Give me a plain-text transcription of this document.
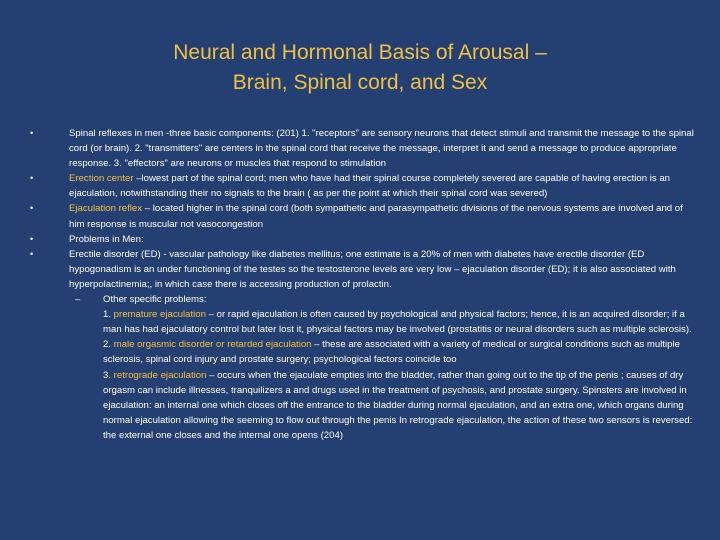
Neural and Hormonal Basis of Arousal –
Brain, Spinal cord, and Sex
•	Spinal reflexes in men -three basic components: (201) 1. "receptors" are sensory neurons that detect stimuli and transmit the message to the spinal cord (or brain). 2. "transmitters" are centers in the spinal cord that receive the message, interpret it and send a message to produce appropriate response. 3. "effectors" are neurons or muscles that respond to stimulation
•	Erection center –lowest part of the spinal cord; men who have had their spinal course completely severed are capable of having erection is an ejaculation, notwithstanding their no signals to the brain ( as per the point at which their spinal cord was severed)
•	Ejaculation reflex – located higher in the spinal cord (both sympathetic and parasympathetic divisions of the nervous systems are involved and of him response is muscular not vasocongestion
•	Problems in Men:
•	Erectile disorder (ED) - vascular pathology like diabetes mellitus; one estimate is a 20% of men with diabetes have erectile disorder (ED hypogonadism is an under functioning of the testes so the testosterone levels are very low – ejaculation disorder (ED); it is also associated with hyperpolactinemia;, in which case there is accessing production of prolactin.
– Other specific problems:
1. premature ejaculation – or rapid ejaculation is often caused by psychological and physical factors; hence, it is an acquired disorder; if a man has had ejaculatory control but later lost it, physical factors may be involved (prostatitis or neural disorders such as multiple sclerosis).
2. male orgasmic disorder or retarded ejaculation – these are associated with a variety of medical or surgical conditions such as multiple sclerosis, spinal cord injury and prostate surgery; psychological factors coincide too
3. retrograde ejaculation – occurs when the ejaculate empties into the bladder, rather than going out to the tip of the penis ; causes of dry orgasm can include illnesses, tranquilizers a and drugs used in the treatment of psychosis, and prostate surgery. Spinsters are involved in ejaculation: an internal one which closes off the entrance to the bladder during normal ejaculation, and an extra one, which organs during normal ejaculation allowing the seeming to flow out through the penis In retrograde ejaculation, the action of these two sensors is reversed: the external one closes and the internal one opens (204)
